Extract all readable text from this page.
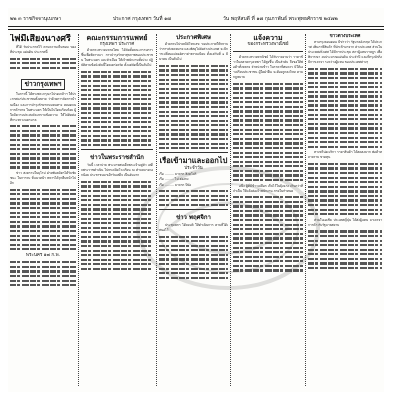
๒๒ ๓ ราชกิจจานุเบกษา	ประกาศ กรุงเทพฯ วันที่ ๑๗	วัน พฤหัสบดี ที่ ๑๗ กุมภาพันธ์ พระพุทธศักราช ๒๔๗๒
ไพ่มีเสียงนางศรี

ที่ได้ รับประกาศไว้ ตามความเห็นชอบ ของที่ประชุม แผ่นดิน ประกาศนี้

ข่าวกรุงเทพฯ

ในการนี้ ได้ทรงพระกรุณาโปรดเกล้าฯ ให้ประกาศแก่ประชาชนทั้งหลาย ว่าด้วยการจัดการบ้านเมือง และการบำรุงรักษาถนนหนทาง ตลอดจนการค้าขาย ในพระนคร ให้เป็นไปโดยเรียบร้อย ผู้ใดมีความประสงค์จะทราบข้อความ ให้ไปติดต่อที่กระทรวงนครบาล

ข่าว สงครามในยุโรป ฝ่ายพันธมิตรได้รับชัยชนะ ในการรบ ที่แนวหน้า ทหารได้รุกคืบหน้าไปอีก

พระนคร ๑๗ ก.พ.
คณะกรรมการแพทย์
กรุงเทพฯ ประกาศ

ด้วยกระทรวงมหาดไทย ได้จัดตั้งคณะกรรมการ ขึ้นเพื่อพิจารณา การบำรุงรักษาสุขภาพของประชาชน ในพระนคร และหัวเมือง ให้เจ้าพนักงานทั้งปวง ปฏิบัติตามข้อบังคับนี้โดยเคร่งครัด ตั้งแต่บัดนี้เป็นต้นไป

ข่าวในพระราชสำนัก

วันนี้ เวลาบ่าย พระบาทสมเด็จพระเจ้าอยู่หัว เสด็จพระราชดำเนิน ไปทรงเปิดโรงเรียน ณ ตำบลบางกอกน้อย ประชาชนมาเฝ้ารับเสด็จ เป็นอันมาก

ประกาศพิเศษ

ด้วยกรมไปรษณีย์โทรเลข ขอประกาศให้ทราบ ว่าการส่งจดหมาย และพัสดุไปยังต่างประเทศ จะมีการเปลี่ยนแปลงอัตราค่าธรรมเนียม ตั้งแต่วันที่ ๑ มีนาคม เป็นต้นไป

เรือเข้ามาและออกไป
ประจำวัน
เรือ ......... มาจาก สิงคโปร์
เรือ ......... ไป ฮ่องกง
เรือ ......... มาจาก ปีนัง
ข่าว พฤศจิกา

ประชุมสภา ได้ลงมติ ให้ดำเนินการ ตามที่ได้เสนอไว้

แจ้งความ
ของกระทรวงพาณิชย์

ด้วยกระทรวงพาณิชย์ ได้รับรายงานว่า ราคาข้าวในตลาดกรุงเทพฯ ได้สูงขึ้น เป็นลำดับ จึงขอให้พ่อค้าทั้งหลาย จำหน่ายข้าว ในราคาที่สมควร มิให้เอาเปรียบประชาชน ผู้ใดฝ่าฝืน จะต้องถูกลงโทษ ตามกฎหมาย

อนึ่ง ผู้ที่มีข้าวเปลือก เก็บไว้ในยุ้งฉาง เกินกว่าที่จำเป็น ให้แจ้งต่อเจ้าพนักงาน ภายในกำหนด

ข่าวต่างประเทศ

ทางกรุงลอนดอน มีข่าวว่า รัฐบาลอังกฤษ ได้ประกาศ เพิ่มภาษีสินค้า ที่นำเข้ามาจาก ต่างประเทศ ส่วนในประเทศฝรั่งเศส ได้มีการประชุม สภาผู้แทนราษฎร เพื่อพิจารณา งบประมาณแผ่นดิน ประจำปี และที่กรุงปักกิ่ง มีการเจรจา ระหว่างผู้แทน ของประเทศต่างๆ

ทางทวีปอเมริกา ราคาสินค้า ได้ลดลงมาก พ่อค้าหลายราย ขาดทุน

ส่วนในเอเชีย ประเทศญี่ปุ่น ได้ส่งผู้แทน มาเจรจา การค้า กับรัฐบาลสยาม
